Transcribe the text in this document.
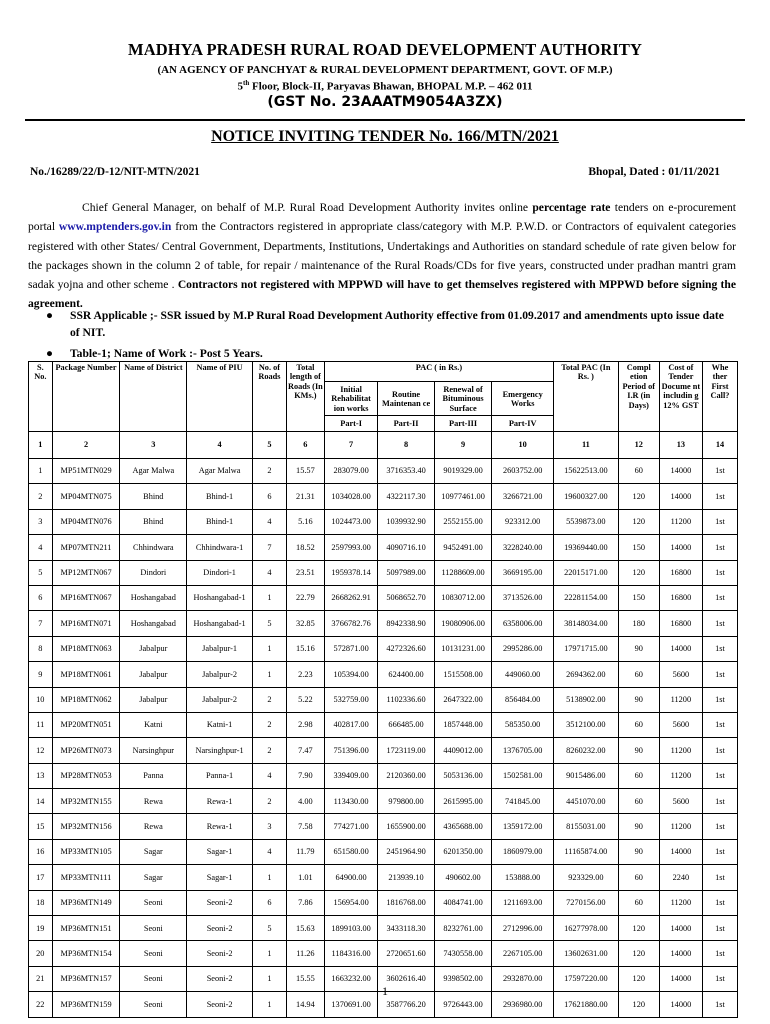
MADHYA PRADESH RURAL ROAD DEVELOPMENT AUTHORITY
(AN AGENCY OF PANCHYAT & RURAL DEVELOPMENT DEPARTMENT, GOVT. OF M.P.)
5th Floor, Block-II, Paryavas Bhawan, BHOPAL M.P. – 462 011
(GST No. 23AAATM9054A3ZX)
NOTICE INVITING TENDER No. 166/MTN/2021
No./16289/22/D-12/NIT-MTN/2021	Bhopal, Dated : 01/11/2021
Chief General Manager, on behalf of M.P. Rural Road Development Authority invites online percentage rate tenders on e-procurement portal www.mptenders.gov.in from the Contractors registered in appropriate class/category with M.P. P.W.D. or Contractors of equivalent categories registered with other States/ Central Government, Departments, Institutions, Undertakings and Authorities on standard schedule of rate given below for the packages shown in the column 2 of table, for repair / maintenance of the Rural Roads/CDs for five years, constructed under pradhan mantri gram sadak yojna and other scheme . Contractors not registered with MPPWD will have to get themselves registered with MPPWD before signing the agreement.
● SSR Applicable ;- SSR issued by M.P Rural Road Development Authority effective from 01.09.2017 and amendments upto issue date of NIT.
● Table-1; Name of Work :- Post 5 Years.
S. No.	Package Number	Name of District	Name of PIU	No. of Roads	Total length of Roads (In KMs.)	PAC ( in Rs.)				Total PAC (In Rs. )	Compl etion Period of I.R (in Days)	Cost of Tender Docume nt includin g 12% GST	Whe ther First Call?
						Initial Rehabilitat ion works	Routine Maintenan ce	Renewal of Bituminous Surface	Emergency Works				
						Part-I	Part-II	Part-III	Part-IV				
1	2	3	4	5	6	7	8	9	10	11	12	13	14
1	MP51MTN029	Agar Malwa	Agar Malwa	2	15.57	283079.00	3716353.40	9019329.00	2603752.00	15622513.00	60	14000	1st
2	MP04MTN075	Bhind	Bhind-1	6	21.31	1034028.00	4322117.30	10977461.00	3266721.00	19600327.00	120	14000	1st
3	MP04MTN076	Bhind	Bhind-1	4	5.16	1024473.00	1039932.90	2552155.00	923312.00	5539873.00	120	11200	1st
4	MP07MTN211	Chhindwara	Chhindwara-1	7	18.52	2597993.00	4090716.10	9452491.00	3228240.00	19369440.00	150	14000	1st
5	MP12MTN067	Dindori	Dindori-1	4	23.51	1959378.14	5097989.00	11288609.00	3669195.00	22015171.00	120	16800	1st
6	MP16MTN067	Hoshangabad	Hoshangabad-1	1	22.79	2668262.91	5068652.70	10830712.00	3713526.00	22281154.00	150	16800	1st
7	MP16MTN071	Hoshangabad	Hoshangabad-1	5	32.85	3766782.76	8942338.90	19080906.00	6358006.00	38148034.00	180	16800	1st
8	MP18MTN063	Jabalpur	Jabalpur-1	1	15.16	572871.00	4272326.60	10131231.00	2995286.00	17971715.00	90	14000	1st
9	MP18MTN061	Jabalpur	Jabalpur-2	1	2.23	105394.00	624400.00	1515508.00	449060.00	2694362.00	60	5600	1st
10	MP18MTN062	Jabalpur	Jabalpur-2	2	5.22	532759.00	1102336.60	2647322.00	856484.00	5138902.00	90	11200	1st
11	MP20MTN051	Katni	Katni-1	2	2.98	402817.00	666485.00	1857448.00	585350.00	3512100.00	60	5600	1st
12	MP26MTN073	Narsinghpur	Narsinghpur-1	2	7.47	751396.00	1723119.00	4409012.00	1376705.00	8260232.00	90	11200	1st
13	MP28MTN053	Panna	Panna-1	4	7.90	339409.00	2120360.00	5053136.00	1502581.00	9015486.00	60	11200	1st
14	MP32MTN155	Rewa	Rewa-1	2	4.00	113430.00	979800.00	2615995.00	741845.00	4451070.00	60	5600	1st
15	MP32MTN156	Rewa	Rewa-1	3	7.58	774271.00	1655900.00	4365688.00	1359172.00	8155031.00	90	11200	1st
16	MP33MTN105	Sagar	Sagar-1	4	11.79	651580.00	2451964.90	6201350.00	1860979.00	11165874.00	90	14000	1st
17	MP33MTN111	Sagar	Sagar-1	1	1.01	64900.00	213939.10	490602.00	153888.00	923329.00	60	2240	1st
18	MP36MTN149	Seoni	Seoni-2	6	7.86	156954.00	1816768.00	4084741.00	1211693.00	7270156.00	60	11200	1st
19	MP36MTN151	Seoni	Seoni-2	5	15.63	1899103.00	3433118.30	8232761.00	2712996.00	16277978.00	120	14000	1st
20	MP36MTN154	Seoni	Seoni-2	1	11.26	1184316.00	2720651.60	7430558.00	2267105.00	13602631.00	120	14000	1st
21	MP36MTN157	Seoni	Seoni-2	1	15.55	1663232.00	3602616.40	9398502.00	2932870.00	17597220.00	120	14000	1st
22	MP36MTN159	Seoni	Seoni-2	1	14.94	1370691.00	3587766.20	9726443.00	2936980.00	17621880.00	120	14000	1st
1
